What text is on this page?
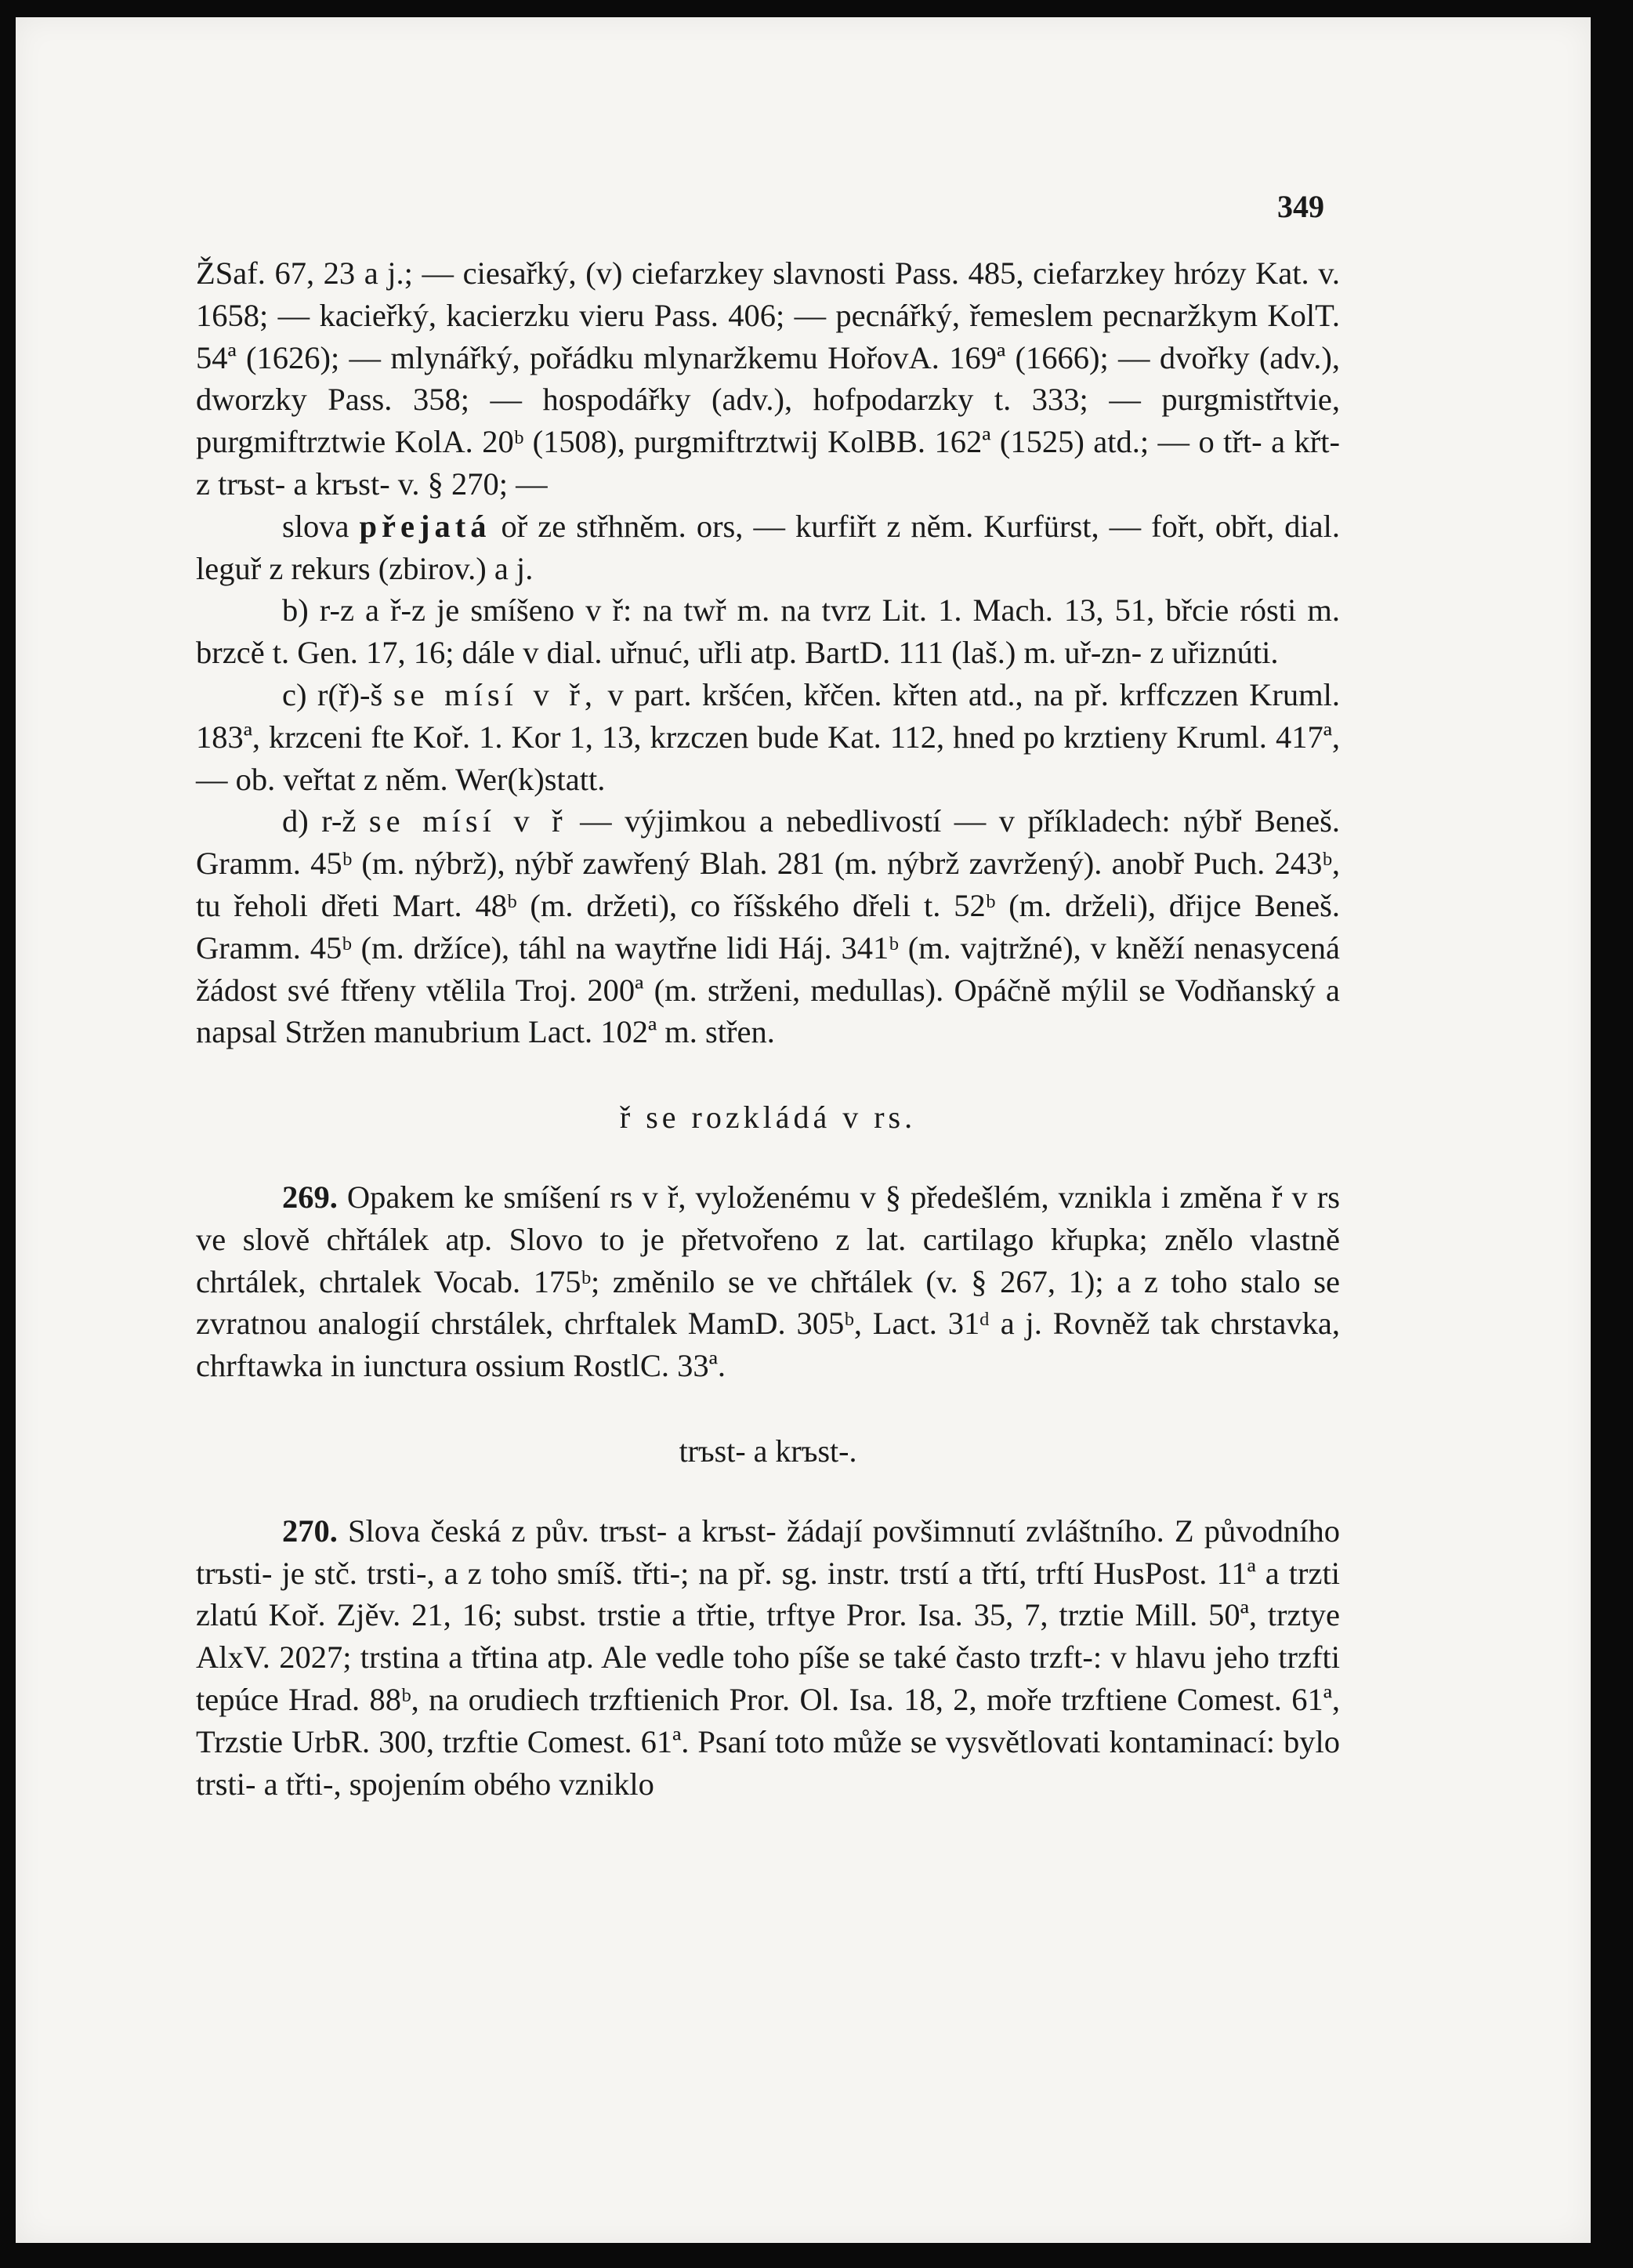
349

ŽSaf. 67, 23 a j.; — ciesařký, (v) ciefarzkey slavnosti Pass. 485, ciefarzkey hrózy Kat. v. 1658; — kacieřký, kacierzku vieru Pass. 406; — pecnářký, řemeslem pecnaržkym KolT. 54ª (1626); — mlynářký, pořádku mlynaržkemu HořovA. 169ª (1666); — dvořky (adv.), dworzky Pass. 358; — hospodářky (adv.), hofpodarzky t. 333; — purgmistřtvie, purgmiftrztwie KolA. 20ᵇ (1508), purgmiftrztwij KolBB. 162ª (1525) atd.; — o třt- a křt- z trъst- a krъst- v. § 270; —

slova přejatá oř ze střhněm. ors, — kurfiřt z něm. Kurfürst, — fořt, obřt, dial. leguř z rekurs (zbirov.) a j.

b) r-z a ř-z je smíšeno v ř: na twř m. na tvrz Lit. 1. Mach. 13, 51, břcie rósti m. brzcě t. Gen. 17, 16; dále v dial. uřnuć, uřli atp. BartD. 111 (laš.) m. uř-zn- z uřiznúti.

c) r(ř)-š se mísí v ř, v part. kršćen, křčen. křten atd., na př. krffczzen Kruml. 183ª, krzceni fte Koř. 1. Kor 1, 13, krzczen bude Kat. 112, hned po krztieny Kruml. 417ª, — ob. veřtat z něm. Wer(k)statt.

d) r-ž se mísí v ř — výjimkou a nebedlivostí — v příkladech: nýbř Beneš. Gramm. 45ᵇ (m. nýbrž), nýbř zawřený Blah. 281 (m. nýbrž zavržený). anobř Puch. 243ᵇ, tu řeholi dřeti Mart. 48ᵇ (m. držeti), co říšského dřeli t. 52ᵇ (m. drželi), dřijce Beneš. Gramm. 45ᵇ (m. držíce), táhl na waytřne lidi Háj. 341ᵇ (m. vajtržné), v kněží nenasycená žádost své ftřeny vtělila Troj. 200ª (m. strženi, medullas). Opáčně mýlil se Vodňanský a napsal Stržen manubrium Lact. 102ª m. střen.

ř se rozkládá v rs.

269. Opakem ke smíšení rs v ř, vyloženému v § předešlém, vznikla i změna ř v rs ve slově chřtálek atp. Slovo to je přetvořeno z lat. cartilago křupka; znělo vlastně chrtálek, chrtalek Vocab. 175ᵇ; změnilo se ve chřtálek (v. § 267, 1); a z toho stalo se zvratnou analogií chrstálek, chrftalek MamD. 305ᵇ, Lact. 31ᵈ a j. Rovněž tak chrstavka, chrftawka in iunctura ossium RostlC. 33ª.

trъst- a krъst-.

270. Slova česká z pův. trъst- a krъst- žádají povšimnutí zvláštního. Z původního trъsti- je stč. trsti-, a z toho smíš. třti-; na př. sg. instr. trstí a třtí, trftí HusPost. 11ª a trzti zlatú Koř. Zjěv. 21, 16; subst. trstie a třtie, trftye Pror. Isa. 35, 7, trztie Mill. 50ª, trztye AlxV. 2027; trstina a třtina atp. Ale vedle toho píše se také často trzft-: v hlavu jeho trzfti tepúce Hrad. 88ᵇ, na orudiech trzftienich Pror. Ol. Isa. 18, 2, moře trzftiene Comest. 61ª, Trzstie UrbR. 300, trzftie Comest. 61ª. Psaní toto může se vysvětlovati kontaminací: bylo trsti- a třti-, spojením obého vzniklo
